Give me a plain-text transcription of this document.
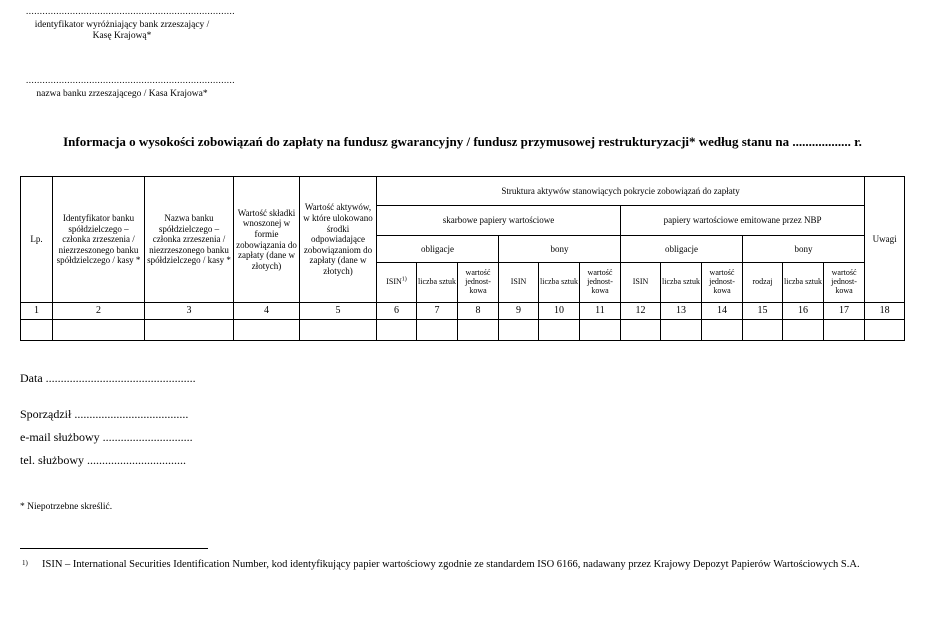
............................................................................
identyfikator wyróżniający bank zrzeszający /
Kasę Krajową*
............................................................................
nazwa banku zrzeszającego / Kasa Krajowa*
Informacja o wysokości zobowiązań do zapłaty na fundusz gwarancyjny / fundusz przymusowej restrukturyzacji* według stanu na .................. r.
Lp.	Identyfikator banku spółdzielczego – członka zrzeszenia / niezrzeszonego banku spółdzielczego / kasy *	Nazwa banku spółdzielczego – członka zrzeszenia / niezrzeszonego banku spółdzielczego / kasy *	Wartość składki wnoszonej w formie zobowiązania do zapłaty (dane w złotych)	Wartość aktywów, w które ulokowano środki odpowiadające zobowiązaniom do zapłaty (dane w złotych)	Struktura aktywów stanowiących pokrycie zobowiązań do zapłaty												Uwagi
					skarbowe papiery wartościowe						papiery wartościowe emitowane przez NBP						
					obligacje			bony			obligacje			bony			
					ISIN$^{1)}$	liczba sztuk	wartość jednost-kowa	ISIN	liczba sztuk	wartość jednost-kowa	ISIN	liczba sztuk	wartość jednost-kowa	rodzaj	liczba sztuk	wartość jednost-kowa	
1	2	3	4	5	6	7	8	9	10	11	12	13	14	15	16	17	18

Data ..................................................
Sporządził ......................................
e-mail służbowy ..............................
tel. służbowy .................................
* Niepotrzebne skreślić.
1) ISIN – International Securities Identification Number, kod identyfikujący papier wartościowy zgodnie ze standardem ISO 6166, nadawany przez Krajowy Depozyt Papierów Wartościowych S.A.
